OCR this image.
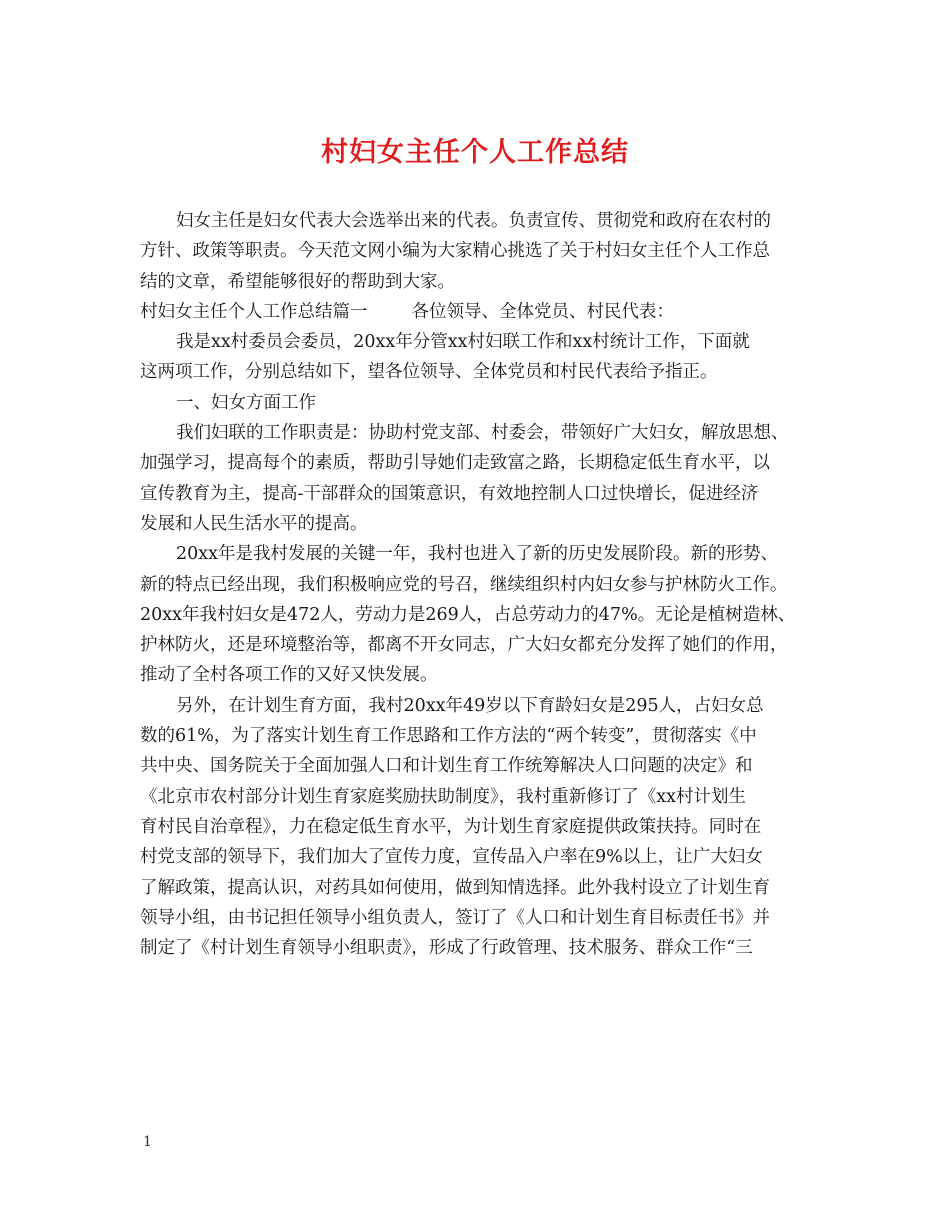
村妇女主任个人工作总结
妇女主任是妇女代表大会选举出来的代表。负责宣传、贯彻党和政府在农村的
方针、政策等职责。今天范文网小编为大家精心挑选了关于村妇女主任个人工作总
结的文章，希望能够很好的帮助到大家。
村妇女主任个人工作总结篇一	各位领导、全体党员、村民代表：
我是xx村委员会委员，20xx年分管xx村妇联工作和xx村统计工作，下面就
这两项工作，分别总结如下，望各位领导、全体党员和村民代表给予指正。
一、妇女方面工作
我们妇联的工作职责是：协助村党支部、村委会，带领好广大妇女，解放思想、
加强学习，提高每个的素质，帮助引导她们走致富之路，长期稳定低生育水平，以
宣传教育为主，提高-干部群众的国策意识，有效地控制人口过快增长，促进经济
发展和人民生活水平的提高。
20xx年是我村发展的关键一年，我村也进入了新的历史发展阶段。新的形势、
新的特点已经出现，我们积极响应党的号召，继续组织村内妇女参与护林防火工作。
20xx年我村妇女是472人，劳动力是269人，占总劳动力的47%。无论是植树造林、
护林防火，还是环境整治等，都离不开女同志，广大妇女都充分发挥了她们的作用，
推动了全村各项工作的又好又快发展。
另外，在计划生育方面，我村20xx年49岁以下育龄妇女是295人，占妇女总
数的61%，为了落实计划生育工作思路和工作方法的“两个转变”，贯彻落实《中
共中央、国务院关于全面加强人口和计划生育工作统筹解决人口问题的决定》和
《北京市农村部分计划生育家庭奖励扶助制度》，我村重新修订了《xx村计划生
育村民自治章程》，力在稳定低生育水平，为计划生育家庭提供政策扶持。同时在
村党支部的领导下，我们加大了宣传力度，宣传品入户率在9%以上，让广大妇女
了解政策，提高认识，对药具如何使用，做到知情选择。此外我村设立了计划生育
领导小组，由书记担任领导小组负责人，签订了《人口和计划生育目标责任书》并
制定了《村计划生育领导小组职责》，形成了行政管理、技术服务、群众工作“三
1
